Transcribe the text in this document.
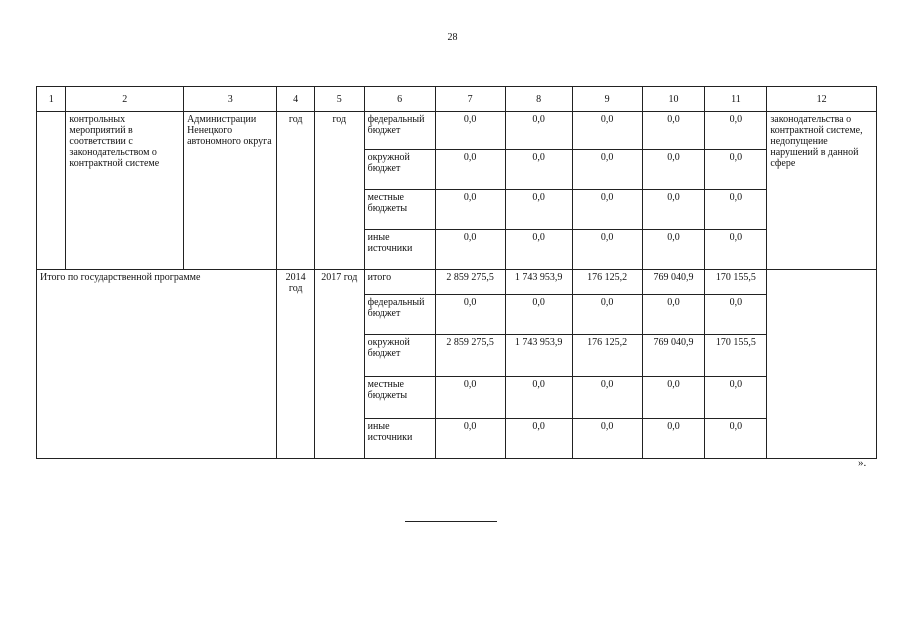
28
1	2	3	4	5	6	7	8	9	10	11	12
	контрольных мероприятий в соответствии с законодательством о контрактной системе	Администрации Ненецкого автономного округа	год	год	федеральный бюджет	0,0	0,0	0,0	0,0	0,0	законодательства о контрактной системе, недопущение нарушений в данной сфере
					окружной бюджет	0,0	0,0	0,0	0,0	0,0	
					местные бюджеты	0,0	0,0	0,0	0,0	0,0	
					иные источники	0,0	0,0	0,0	0,0	0,0	
Итого по государственной программе			2014 год	2017 год	итого	2 859 275,5	1 743 953,9	176 125,2	769 040,9	170 155,5	
					федеральный бюджет	0,0	0,0	0,0	0,0	0,0	
					окружной бюджет	2 859 275,5	1 743 953,9	176 125,2	769 040,9	170 155,5	
					местные бюджеты	0,0	0,0	0,0	0,0	0,0	
					иные источники	0,0	0,0	0,0	0,0	0,0	
».
